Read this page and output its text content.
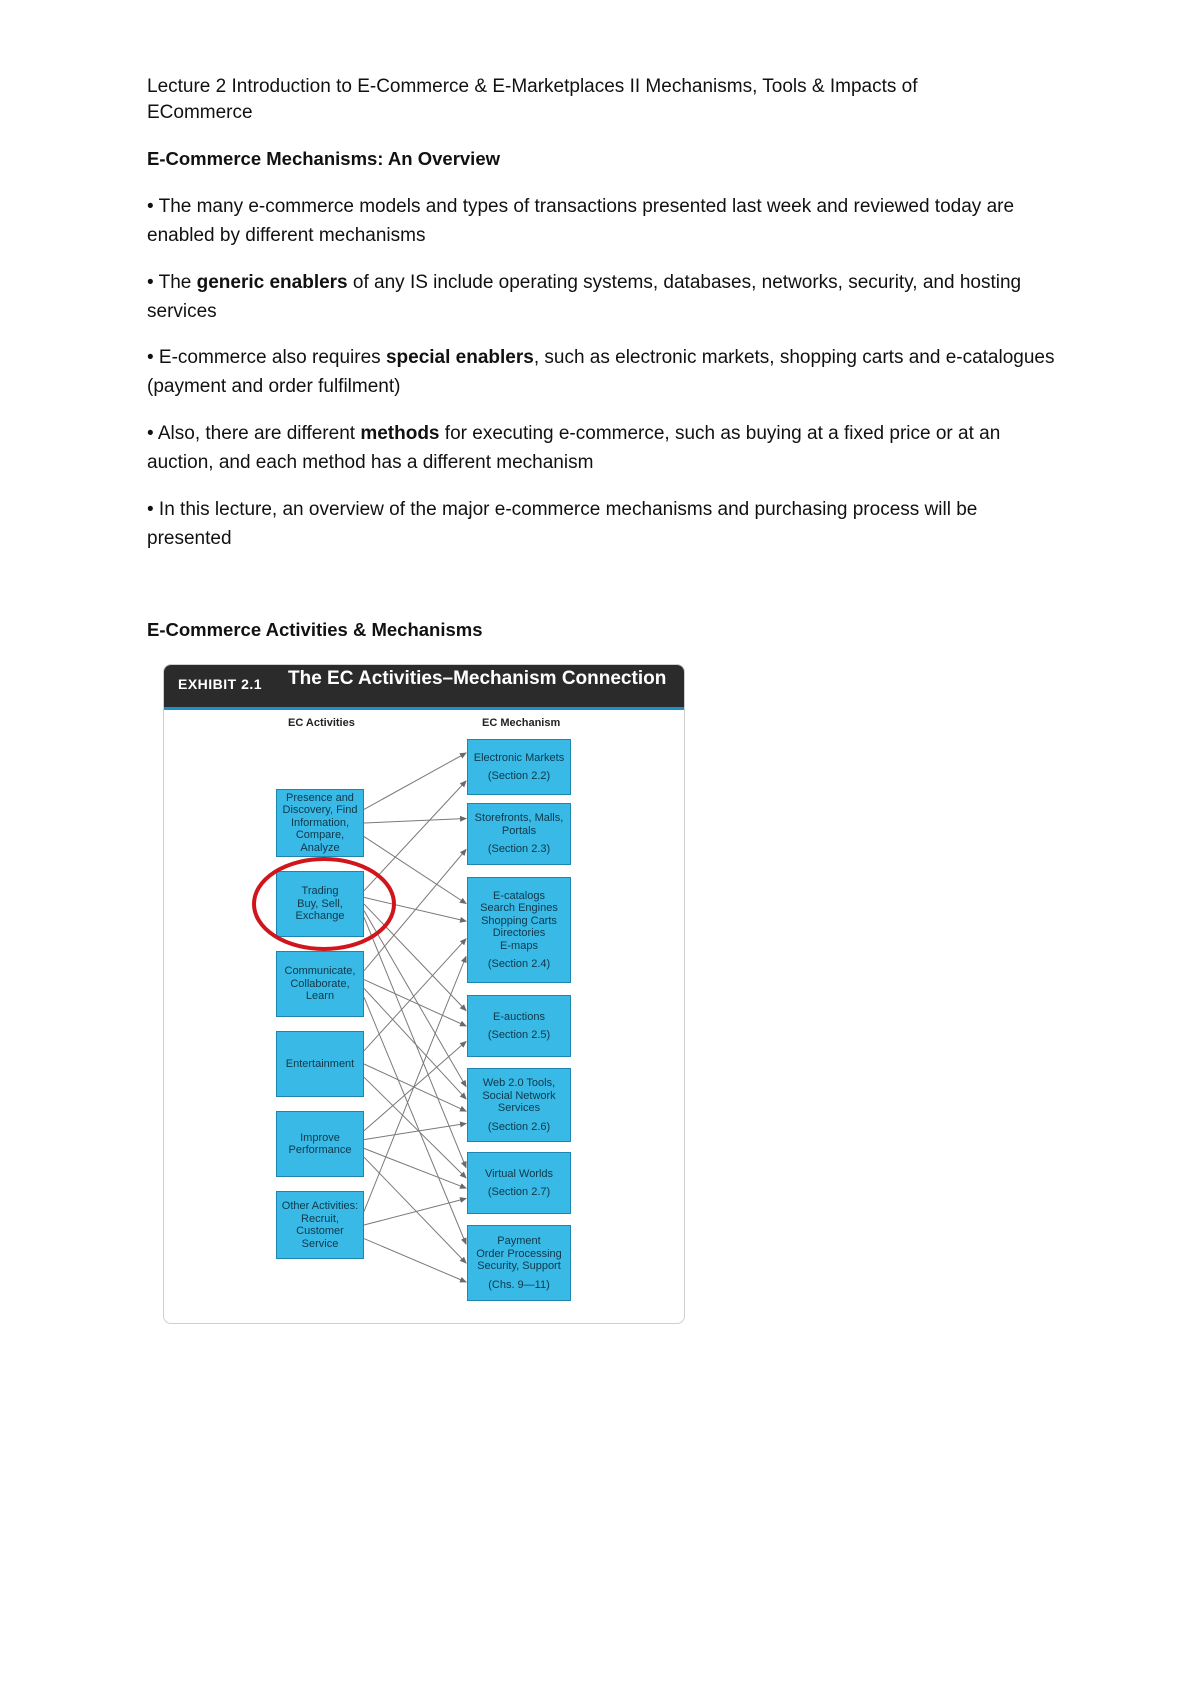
Lecture 2 Introduction to E-Commerce & E-Marketplaces II Mechanisms, Tools & Impacts of
ECommerce
E-Commerce Mechanisms: An Overview
• The many e-commerce models and types of transactions presented last week and reviewed today are enabled by different mechanisms
• The generic enablers of any IS include operating systems, databases, networks, security, and hosting services
• E-commerce also requires special enablers, such as electronic markets, shopping carts and e-catalogues (payment and order fulfilment)
• Also, there are different methods for executing e-commerce, such as buying at a fixed price or at an auction, and each method has a different mechanism
• In this lecture, an overview of the major e-commerce mechanisms and purchasing process will be presented
E-Commerce Activities & Mechanisms
EXHIBIT 2.1 The EC Activities–Mechanism Connection
EC Activities	EC Mechanism
Presence and
Discovery, Find
Information,
Compare,
Analyze
Trading
Buy, Sell,
Exchange
Communicate,
Collaborate,
Learn
Entertainment
Improve
Performance
Other Activities:
Recruit,
Customer
Service
Electronic Markets
(Section 2.2)
Storefronts, Malls,
Portals
(Section 2.3)
E-catalogs
Search Engines
Shopping Carts
Directories
E-maps
(Section 2.4)
E-auctions
(Section 2.5)
Web 2.0 Tools,
Social Network
Services
(Section 2.6)
Virtual Worlds
(Section 2.7)
Payment
Order Processing
Security, Support
(Chs. 9—11)
